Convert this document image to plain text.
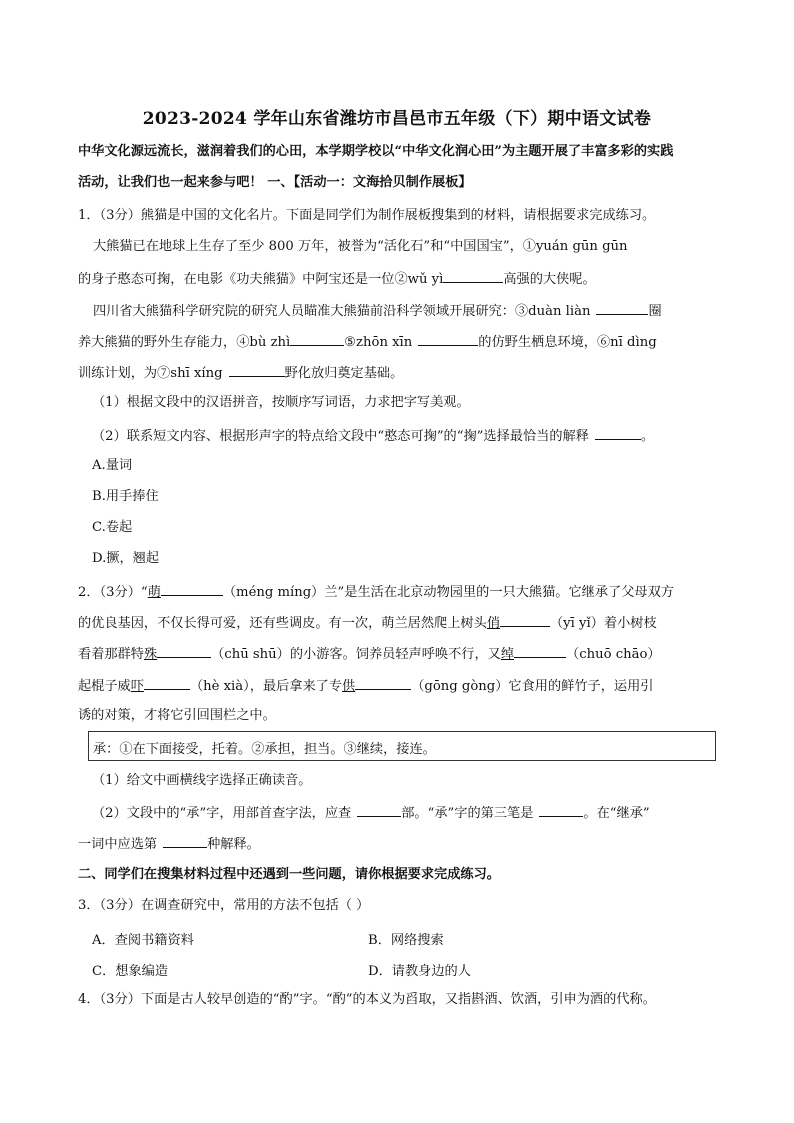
2023-2024 学年山东省潍坊市昌邑市五年级（下）期中语文试卷
中华文化源远流长，滋润着我们的心田，本学期学校以“中华文化润心田”为主题开展了丰富多彩的实践
活动，让我们也一起来参与吧！ 一、【活动一：文海拾贝制作展板】
1．（3分）熊猫是中国的文化名片。下面是同学们为制作展板搜集到的材料，请根据要求完成练习。
大熊猫已在地球上生存了至少 800 万年，被誉为“活化石”和“中国国宝”，①yuán gūn gūn
的身子憨态可掬，在电影《功夫熊猫》中阿宝还是一位②wǔ yì	高强的大侠呢。
四川省大熊猫科学研究院的研究人员瞄准大熊猫前沿科学领域开展研究：③duàn liàn	圈
养大熊猫的野外生存能力，④bù zhì	⑤zhōn xīn	的仿野生栖息环境，⑥nī dìng
训练计划，为⑦shī xíng	野化放归奠定基础。
（1）根据文段中的汉语拼音，按顺序写词语，力求把字写美观。
（2）联系短文内容、根据形声字的特点给文段中“憨态可掬”的“掬”选择最恰当的解释	。
A.量词
B.用手捧住
C.卷起
D.撅，翘起
2．（3分）“萌	（méng míng）兰”是生活在北京动物园里的一只大熊猫。它继承了父母双方
的优良基因，不仅长得可爱，还有些调皮。有一次，萌兰居然爬上树头俏	（yī yǐ）着小树枝
看着那群特殊	（chū shū）的小游客。饲养员轻声呼唤不行，又绰	（chuō chāo）
起棍子威吓	（hè xià），最后拿来了专供	（gōng gòng）它食用的鲜竹子，运用引
诱的对策，才将它引回围栏之中。
承：①在下面接受，托着。②承担，担当。③继续，接连。
（1）给文中画横线字选择正确读音。
（2）文段中的“承”字，用部首查字法，应查	部。“承”字的第三笔是	。在“继承”
一词中应选第	种解释。
二、同学们在搜集材料过程中还遇到一些问题，请你根据要求完成练习。
3．（3分）在调查研究中，常用的方法不包括（ ）
A．查阅书籍资料	B．网络搜索
C．想象编造	D．请教身边的人
4．（3分）下面是古人较早创造的“酌”字。“酌”的本义为舀取，又指斟酒、饮酒，引申为酒的代称。
